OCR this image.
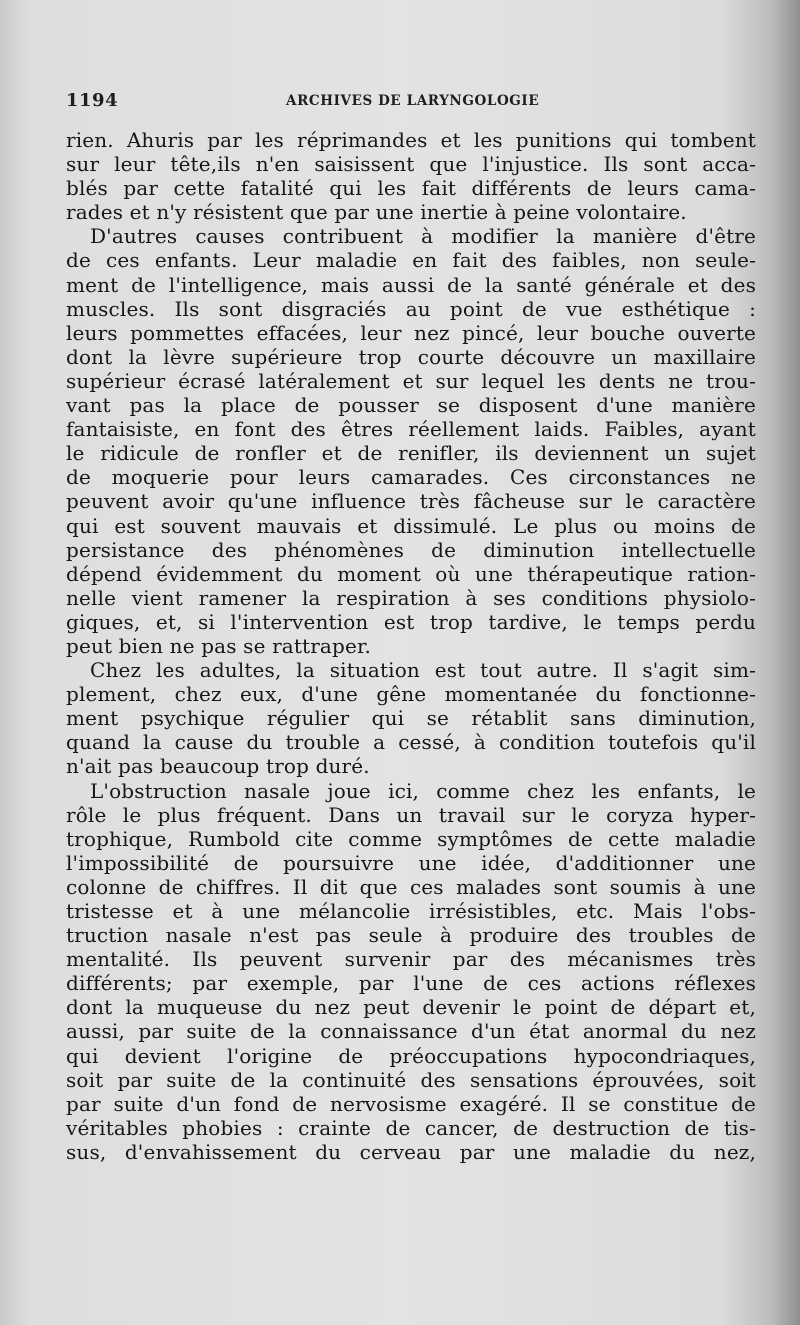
1194	ARCHIVES DE LARYNGOLOGIE
rien. Ahuris par les réprimandes et les punitions qui tombent
sur leur tête,ils n'en saisissent que l'injustice. Ils sont acca-
blés par cette fatalité qui les fait différents de leurs cama-
rades et n'y résistent que par une inertie à peine volontaire.
D'autres causes contribuent à modifier la manière d'être
de ces enfants. Leur maladie en fait des faibles, non seule-
ment de l'intelligence, mais aussi de la santé générale et des
muscles. Ils sont disgraciés au point de vue esthétique :
leurs pommettes effacées, leur nez pincé, leur bouche ouverte
dont la lèvre supérieure trop courte découvre un maxillaire
supérieur écrasé latéralement et sur lequel les dents ne trou-
vant pas la place de pousser se disposent d'une manière
fantaisiste, en font des êtres réellement laids. Faibles, ayant
le ridicule de ronfler et de renifler, ils deviennent un sujet
de moquerie pour leurs camarades. Ces circonstances ne
peuvent avoir qu'une influence très fâcheuse sur le caractère
qui est souvent mauvais et dissimulé. Le plus ou moins de
persistance des phénomènes de diminution intellectuelle
dépend évidemment du moment où une thérapeutique ration-
nelle vient ramener la respiration à ses conditions physiolo-
giques, et, si l'intervention est trop tardive, le temps perdu
peut bien ne pas se rattraper.
Chez les adultes, la situation est tout autre. Il s'agit sim-
plement, chez eux, d'une gêne momentanée du fonctionne-
ment psychique régulier qui se rétablit sans diminution,
quand la cause du trouble a cessé, à condition toutefois qu'il
n'ait pas beaucoup trop duré.
L'obstruction nasale joue ici, comme chez les enfants, le
rôle le plus fréquent. Dans un travail sur le coryza hyper-
trophique, Rumbold cite comme symptômes de cette maladie
l'impossibilité de poursuivre une idée, d'additionner une
colonne de chiffres. Il dit que ces malades sont soumis à une
tristesse et à une mélancolie irrésistibles, etc. Mais l'obs-
truction nasale n'est pas seule à produire des troubles de
mentalité. Ils peuvent survenir par des mécanismes très
différents; par exemple, par l'une de ces actions réflexes
dont la muqueuse du nez peut devenir le point de départ et,
aussi, par suite de la connaissance d'un état anormal du nez
qui devient l'origine de préoccupations hypocondriaques,
soit par suite de la continuité des sensations éprouvées, soit
par suite d'un fond de nervosisme exagéré. Il se constitue de
véritables phobies : crainte de cancer, de destruction de tis-
sus, d'envahissement du cerveau par une maladie du nez,
